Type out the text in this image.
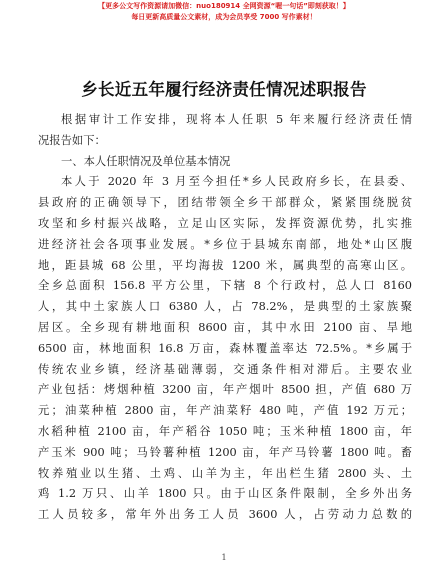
【更多公文写作资源请加微信：nuo180914 全网资源“喔一句话”即刻获取！】
每日更新高质量公文素材，成为会员享受 7000 写作素材！
乡长近五年履行经济责任情况述职报告
根据审计工作安排，现将本人任职 5 年来履行经济责任情
况报告如下：
一、本人任职情况及单位基本情况
本人于 2020 年 3 月至今担任*乡人民政府乡长，在县委、
县政府的正确领导下，团结带领全乡干部群众，紧紧围绕脱贫
攻坚和乡村振兴战略，立足山区实际，发挥资源优势，扎实推
进经济社会各项事业发展。*乡位于县城东南部，地处*山区腹
地，距县城 68 公里，平均海拔 1200 米，属典型的高寒山区。
全乡总面积 156.8 平方公里，下辖 8 个行政村，总人口 8160
人，其中土家族人口 6380 人，占 78.2%，是典型的土家族聚
居区。全乡现有耕地面积 8600 亩，其中水田 2100 亩、旱地
6500 亩，林地面积 16.8 万亩，森林覆盖率达 72.5%。*乡属于
传统农业乡镇，经济基础薄弱，交通条件相对滞后。主要农业
产业包括：烤烟种植 3200 亩，年产烟叶 8500 担，产值 680 万
元；油菜种植 2800 亩，年产油菜籽 480 吨，产值 192 万元；
水稻种植 2100 亩，年产稻谷 1050 吨；玉米种植 1800 亩，年
产玉米 900 吨；马铃薯种植 1200 亩，年产马铃薯 1800 吨。畜
牧养殖业以生猪、土鸡、山羊为主，年出栏生猪 2800 头、土
鸡 1.2 万只、山羊 1800 只。由于山区条件限制，全乡外出务
工人员较多，常年外出务工人员 3600 人，占劳动力总数的
1
